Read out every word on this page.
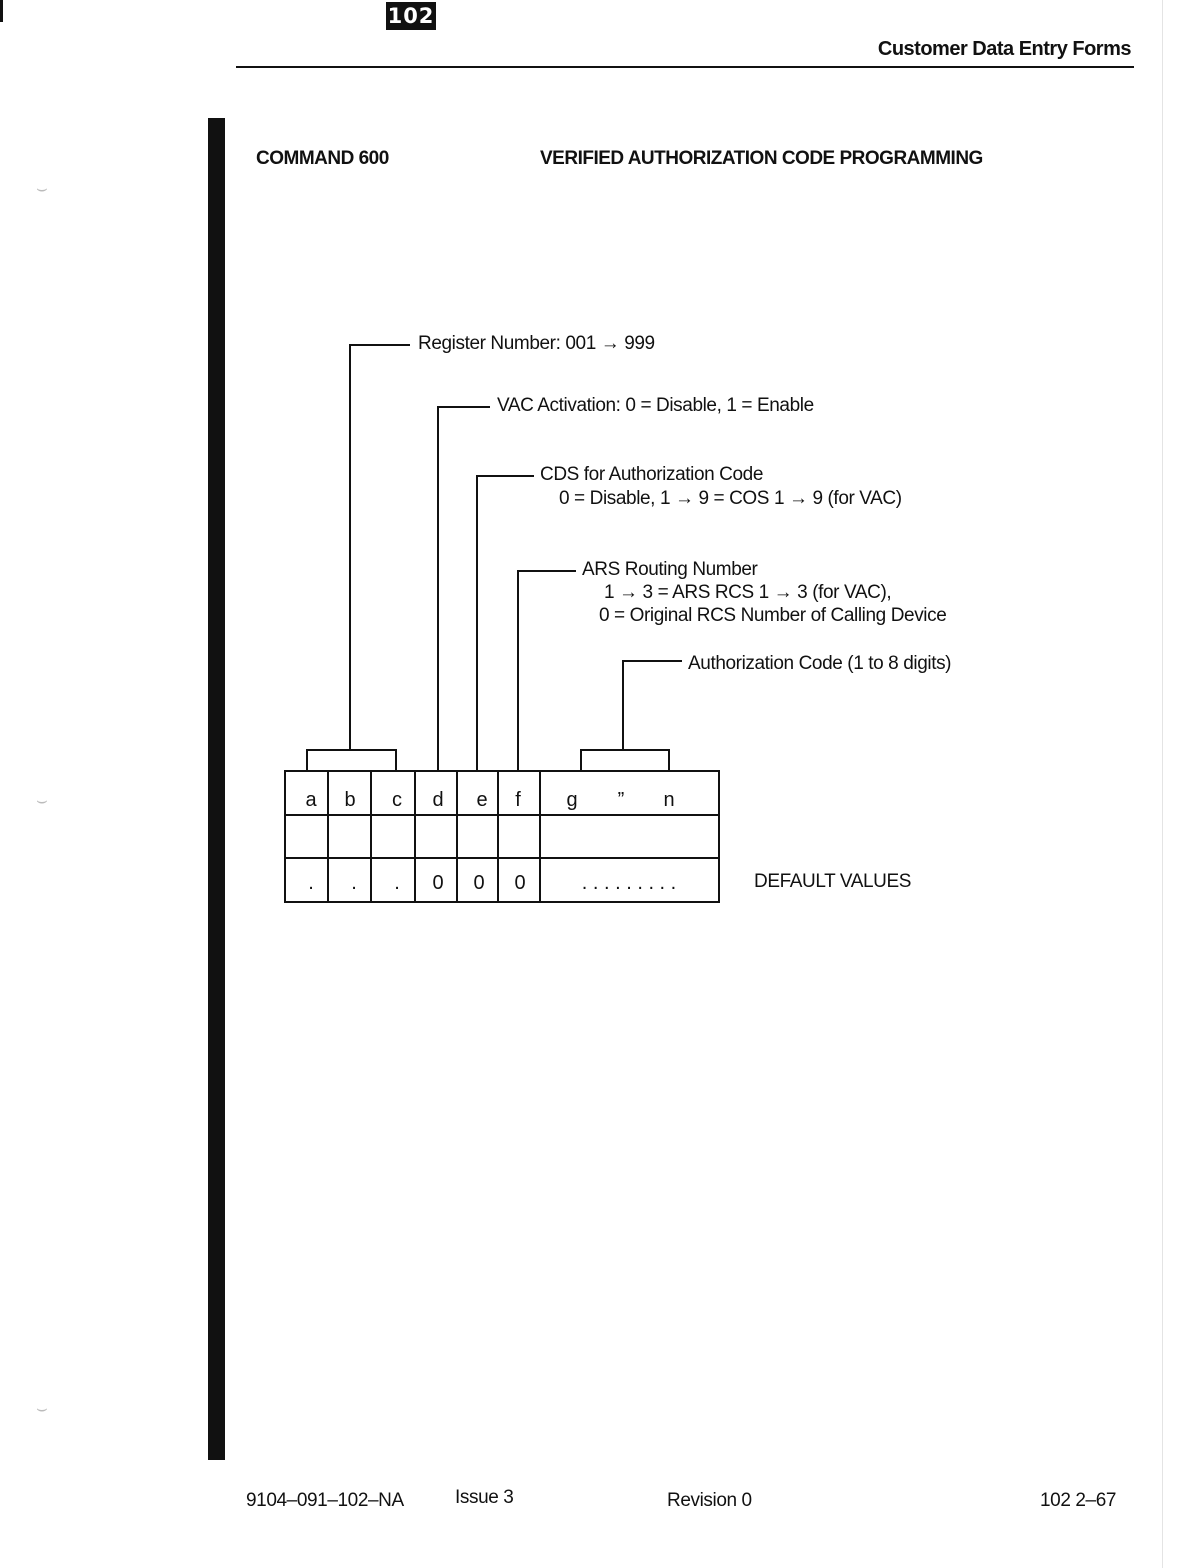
102
Customer Data Entry Forms
⌣
⌣
⌣
COMMAND 600	VERIFIED AUTHORIZATION CODE PROGRAMMING
Register Number: 001 → 999
VAC Activation: 0 = Disable, 1 = Enable
CDS for Authorization Code
0 = Disable, 1 → 9 = COS 1 → 9 (for VAC)
ARS Routing Number
1 → 3 = ARS RCS 1 → 3 (for VAC),
0 = Original RCS Number of Calling Device
Authorization Code (1 to 8 digits)
a b c d e f g ” n
. . . 0 0 0	. . . . . . . . .	DEFAULT VALUES
9104–091–102–NA	Issue 3	Revision 0	102 2–67
